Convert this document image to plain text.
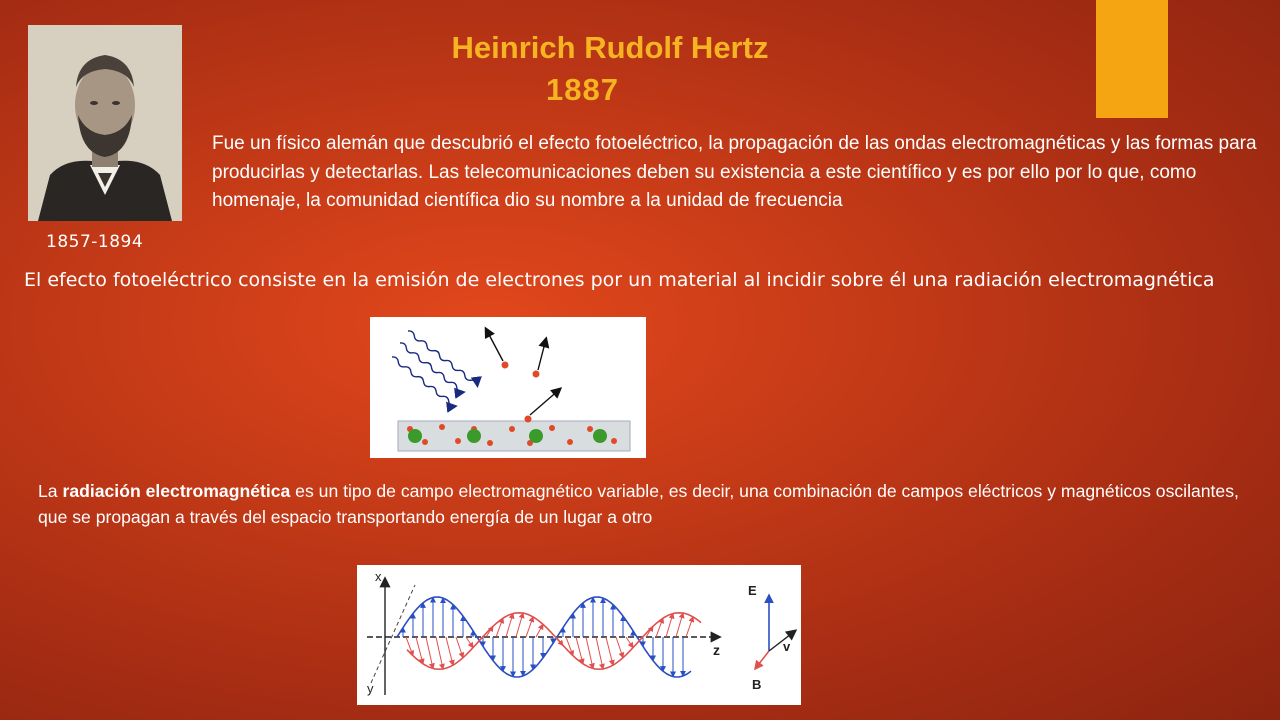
1857-1894
Heinrich Rudolf Hertz
1887
Fue un físico alemán que descubrió el efecto fotoeléctrico, la propagación de las ondas electromagnéticas y las formas para producirlas y detectarlas. Las telecomunicaciones deben su existencia a este científico y es por ello por lo que, como homenaje, la comunidad científica dio su nombre a la unidad de frecuencia
El efecto fotoeléctrico consiste en la emisión de electrones por un material al incidir sobre él una radiación electromagnética
La radiación electromagnética es un tipo de campo electromagnético variable, es decir, una combinación de campos eléctricos y magnéticos oscilantes, que se propagan a través del espacio transportando energía de un lugar a otro
x
y
z
E
v
B
